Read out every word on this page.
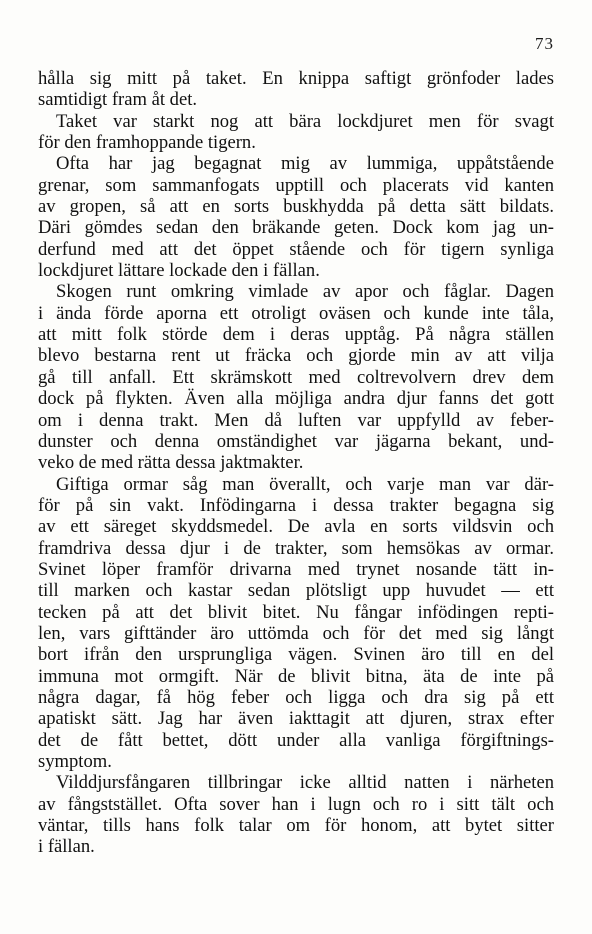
73
hålla sig mitt på taket. En knippa saftigt grönfoder lades
samtidigt fram åt det.
Taket var starkt nog att bära lockdjuret men för svagt
för den framhoppande tigern.
Ofta har jag begagnat mig av lummiga, uppåtstående
grenar, som sammanfogats upptill och placerats vid kanten
av gropen, så att en sorts buskhydda på detta sätt bildats.
Däri gömdes sedan den bräkande geten. Dock kom jag un-
derfund med att det öppet stående och för tigern synliga
lockdjuret lättare lockade den i fällan.
Skogen runt omkring vimlade av apor och fåglar. Dagen
i ända förde aporna ett otroligt oväsen och kunde inte tåla,
att mitt folk störde dem i deras upptåg. På några ställen
blevo bestarna rent ut fräcka och gjorde min av att vilja
gå till anfall. Ett skrämskott med coltrevolvern drev dem
dock på flykten. Även alla möjliga andra djur fanns det gott
om i denna trakt. Men då luften var uppfylld av feber-
dunster och denna omständighet var jägarna bekant, und-
veko de med rätta dessa jaktmakter.
Giftiga ormar såg man överallt, och varje man var där-
för på sin vakt. Infödingarna i dessa trakter begagna sig
av ett säreget skyddsmedel. De avla en sorts vildsvin och
framdriva dessa djur i de trakter, som hemsökas av ormar.
Svinet löper framför drivarna med trynet nosande tätt in-
till marken och kastar sedan plötsligt upp huvudet — ett
tecken på att det blivit bitet. Nu fångar infödingen repti-
len, vars gifttänder äro uttömda och för det med sig långt
bort ifrån den ursprungliga vägen. Svinen äro till en del
immuna mot ormgift. När de blivit bitna, äta de inte på
några dagar, få hög feber och ligga och dra sig på ett
apatiskt sätt. Jag har även iakttagit att djuren, strax efter
det de fått bettet, dött under alla vanliga förgiftnings-
symptom.
Vilddjursfångaren tillbringar icke alltid natten i närheten
av fångststället. Ofta sover han i lugn och ro i sitt tält och
väntar, tills hans folk talar om för honom, att bytet sitter
i fällan.
